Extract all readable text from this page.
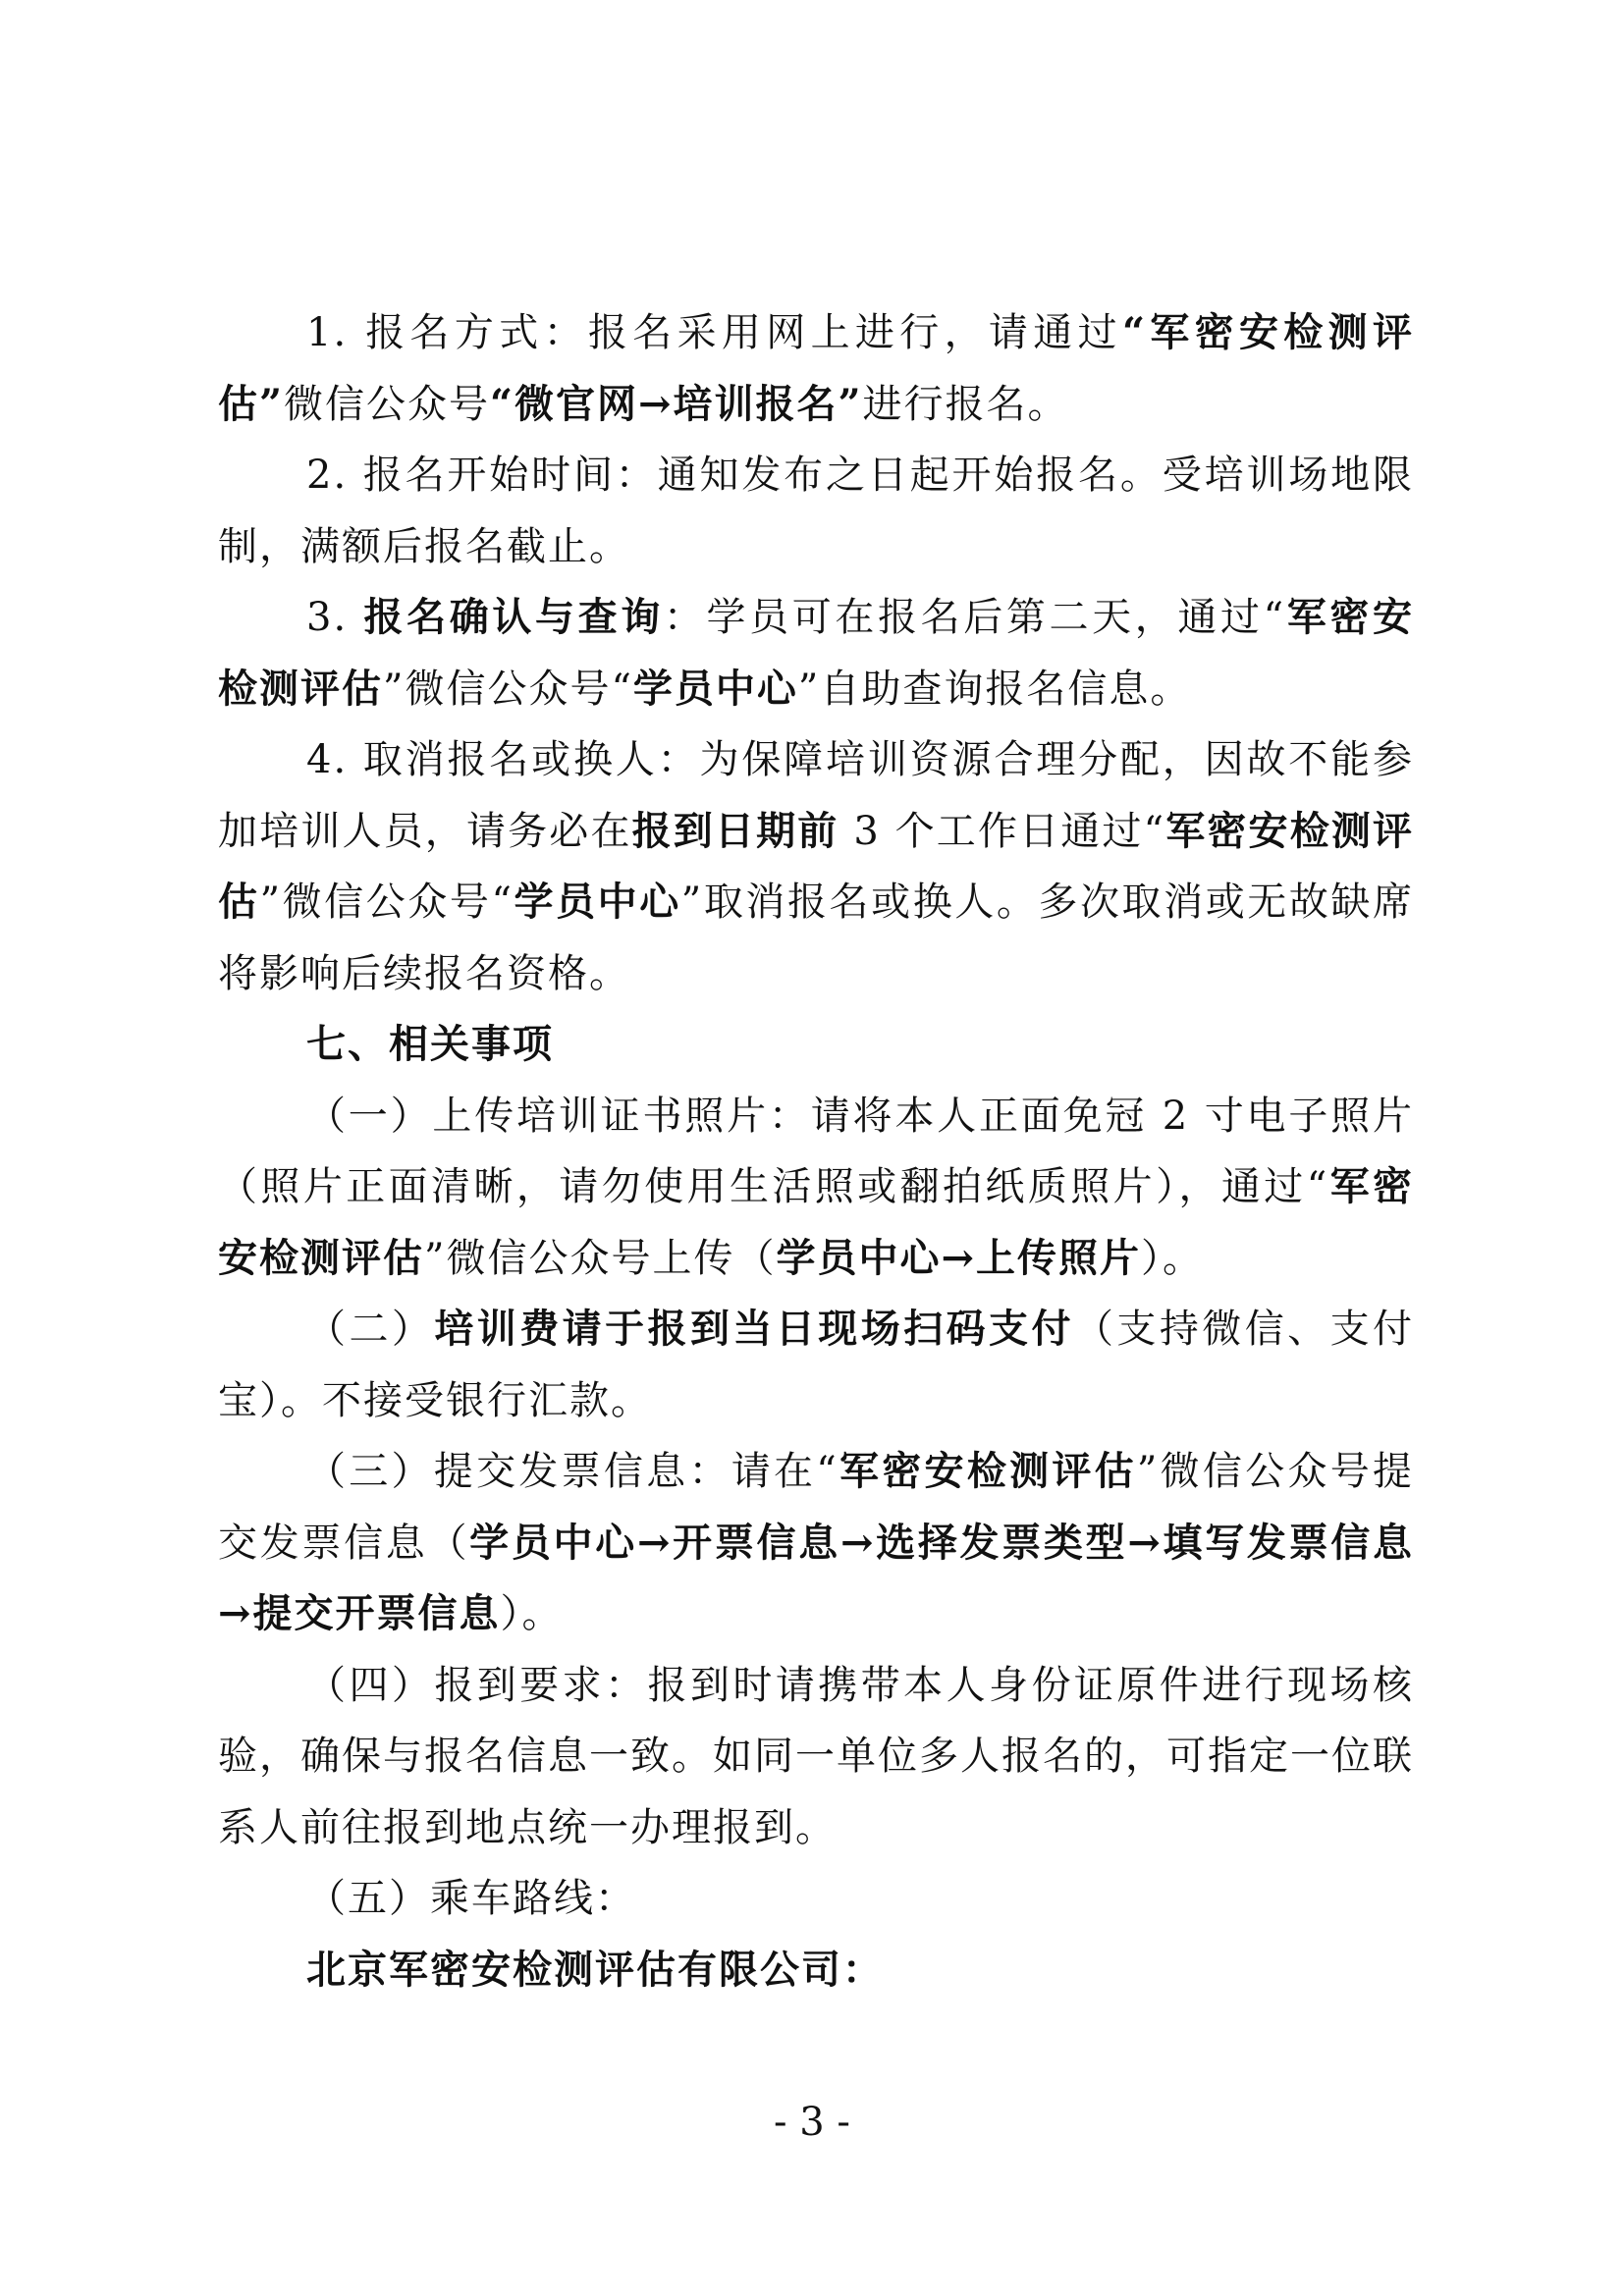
1. 报名方式：报名采用网上进行，请通过“军密安检测评估”微信公众号“微官网→培训报名”进行报名。

2. 报名开始时间：通知发布之日起开始报名。受培训场地限制，满额后报名截止。

3. 报名确认与查询：学员可在报名后第二天，通过“军密安检测评估”微信公众号“学员中心”自助查询报名信息。

4. 取消报名或换人：为保障培训资源合理分配，因故不能参加培训人员，请务必在报到日期前 3 个工作日通过“军密安检测评估”微信公众号“学员中心”取消报名或换人。多次取消或无故缺席将影响后续报名资格。

七、相关事项

（一）上传培训证书照片：请将本人正面免冠 2 寸电子照片（照片正面清晰，请勿使用生活照或翻拍纸质照片），通过“军密安检测评估”微信公众号上传（学员中心→上传照片）。

（二）培训费请于报到当日现场扫码支付（支持微信、支付宝）。不接受银行汇款。

（三）提交发票信息：请在“军密安检测评估”微信公众号提交发票信息（学员中心→开票信息→选择发票类型→填写发票信息→提交开票信息）。

（四）报到要求：报到时请携带本人身份证原件进行现场核验，确保与报名信息一致。如同一单位多人报名的，可指定一位联系人前往报到地点统一办理报到。

（五）乘车路线：

北京军密安检测评估有限公司：

- 3 -
